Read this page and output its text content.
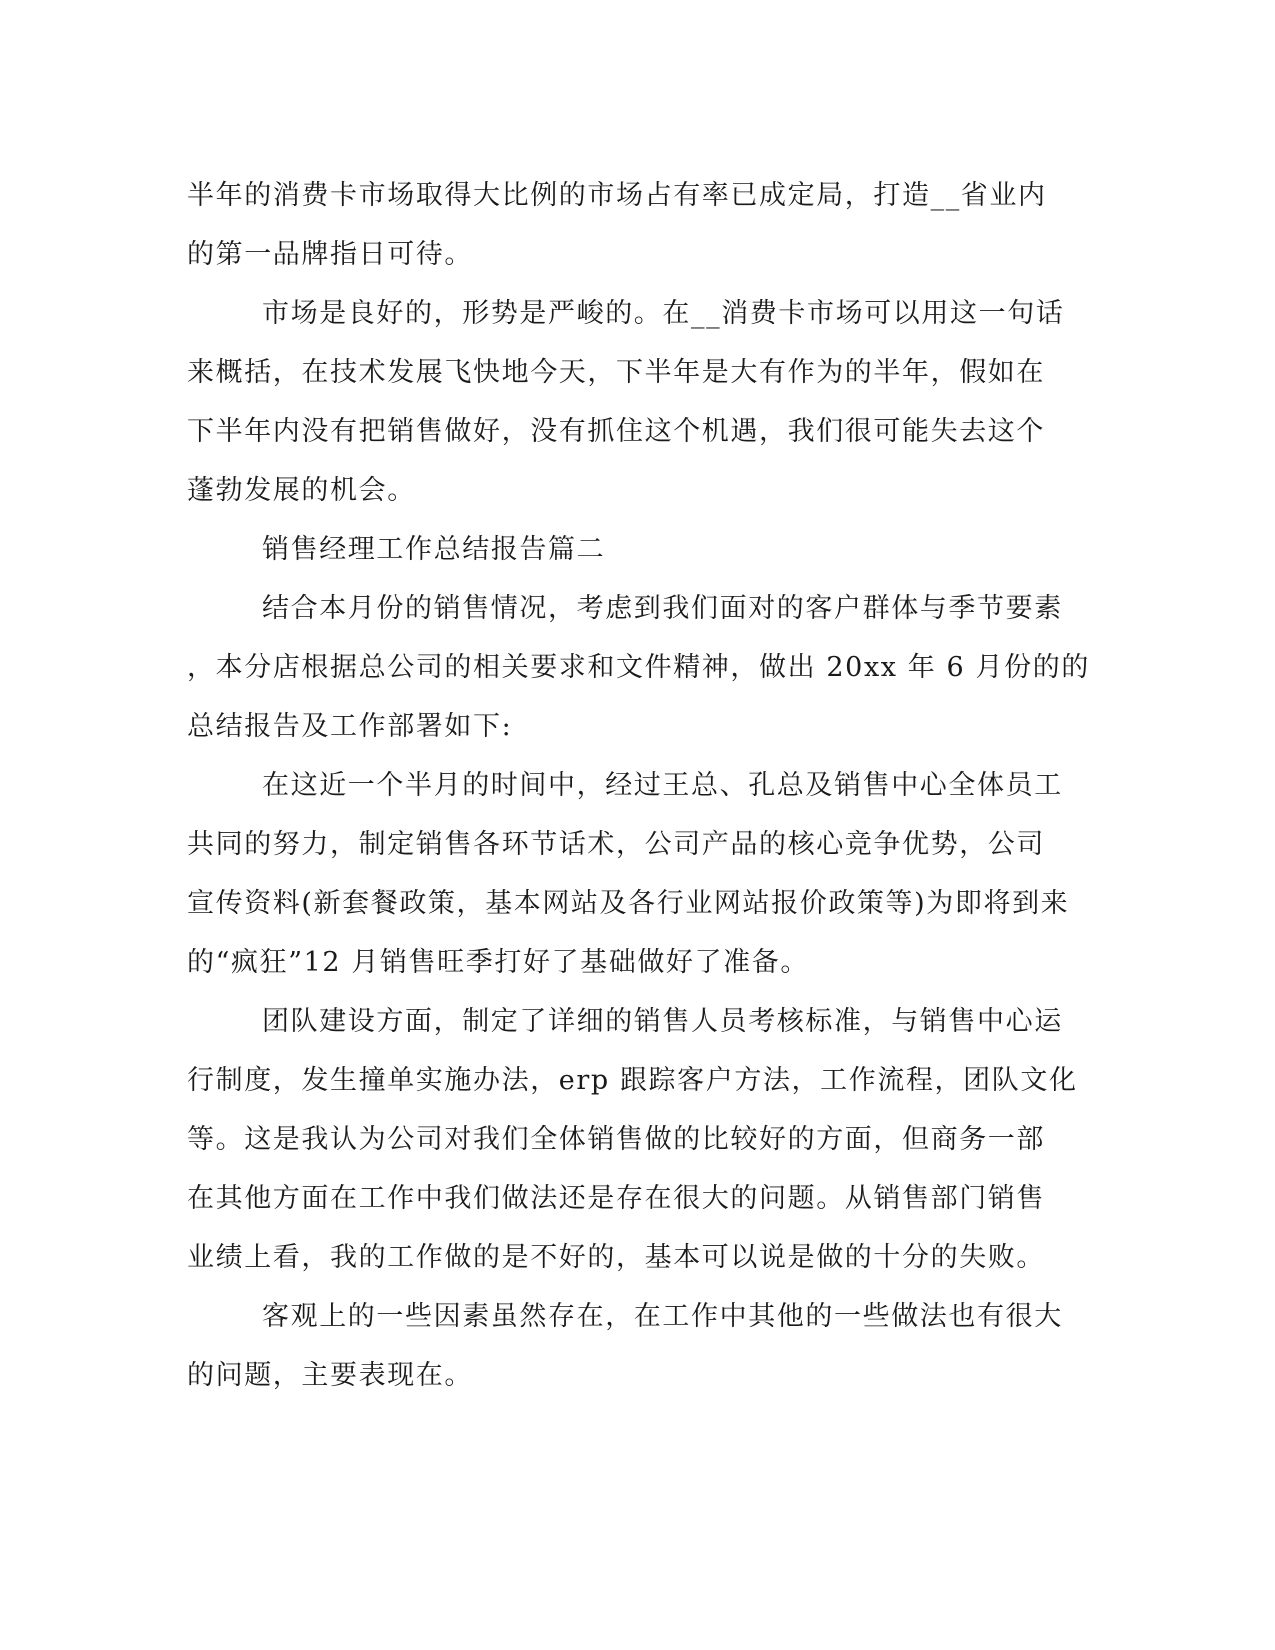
半年的消费卡市场取得大比例的市场占有率已成定局，打造__省业内
的第一品牌指日可待。
市场是良好的，形势是严峻的。在__消费卡市场可以用这一句话
来概括，在技术发展飞快地今天，下半年是大有作为的半年，假如在
下半年内没有把销售做好，没有抓住这个机遇，我们很可能失去这个
蓬勃发展的机会。
销售经理工作总结报告篇二
结合本月份的销售情况，考虑到我们面对的客户群体与季节要素
，本分店根据总公司的相关要求和文件精神，做出 20xx 年 6 月份的的
总结报告及工作部署如下:
在这近一个半月的时间中，经过王总、孔总及销售中心全体员工
共同的努力，制定销售各环节话术，公司产品的核心竞争优势，公司
宣传资料(新套餐政策，基本网站及各行业网站报价政策等)为即将到来
的“疯狂”12 月销售旺季打好了基础做好了准备。
团队建设方面，制定了详细的销售人员考核标准，与销售中心运
行制度，发生撞单实施办法，erp 跟踪客户方法，工作流程，团队文化
等。这是我认为公司对我们全体销售做的比较好的方面，但商务一部
在其他方面在工作中我们做法还是存在很大的问题。从销售部门销售
业绩上看，我的工作做的是不好的，基本可以说是做的十分的失败。
客观上的一些因素虽然存在，在工作中其他的一些做法也有很大
的问题，主要表现在。
